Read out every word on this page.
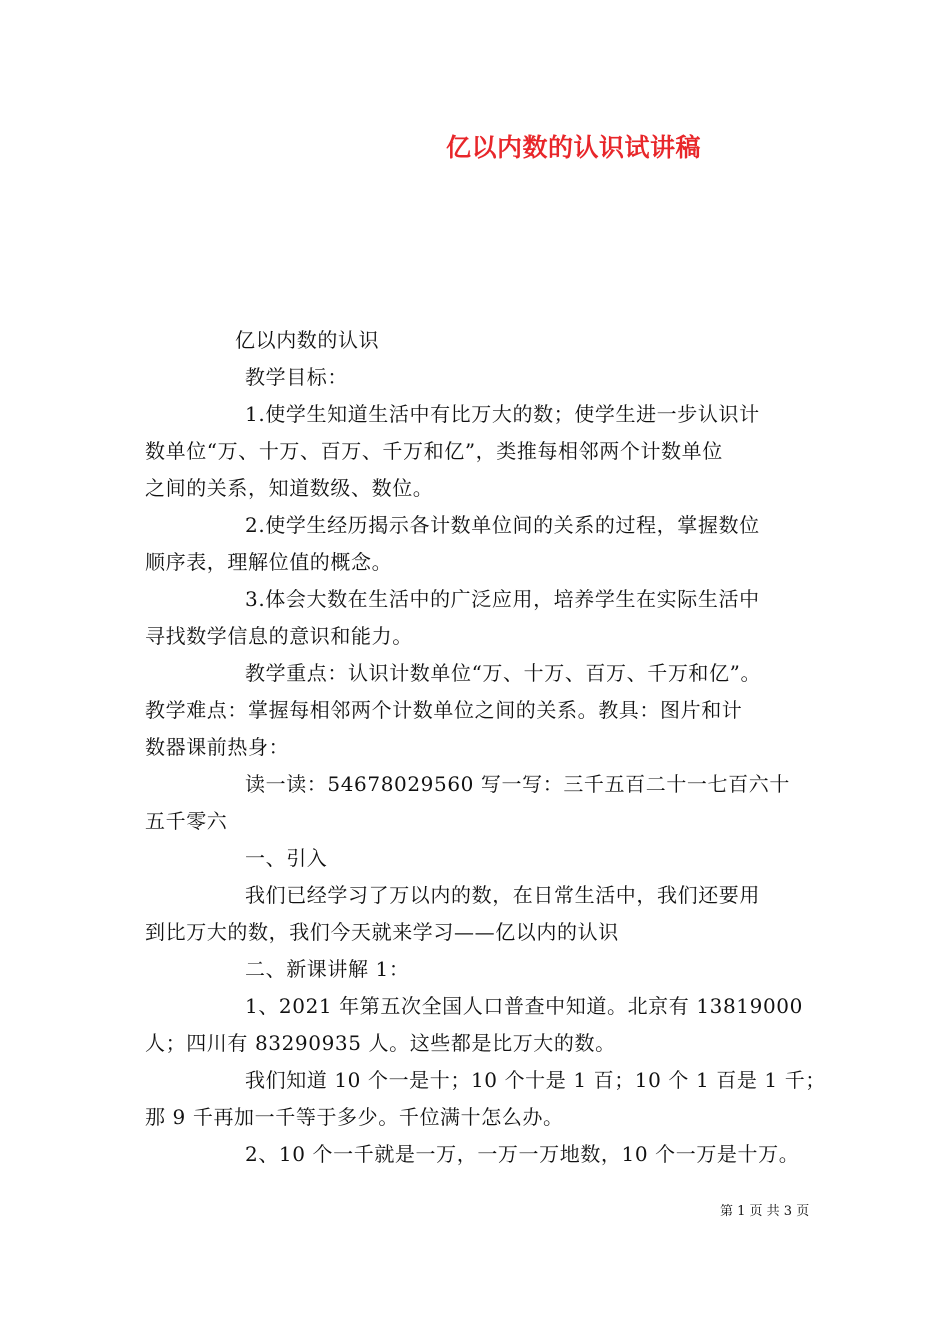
亿以内数的认识试讲稿
亿以内数的认识
教学目标：
1.使学生知道生活中有比万大的数；使学生进一步认识计
数单位“万、十万、百万、千万和亿”，类推每相邻两个计数单位
之间的关系，知道数级、数位。
2.使学生经历揭示各计数单位间的关系的过程，掌握数位
顺序表，理解位值的概念。
3.体会大数在生活中的广泛应用，培养学生在实际生活中
寻找数学信息的意识和能力。
教学重点：认识计数单位“万、十万、百万、千万和亿”。
教学难点：掌握每相邻两个计数单位之间的关系。教具：图片和计
数器课前热身：
读一读：54678029560 写一写：三千五百二十一七百六十
五千零六
一、引入
我们已经学习了万以内的数，在日常生活中，我们还要用
到比万大的数，我们今天就来学习——亿以内的认识
二、新课讲解 1：
1、2021 年第五次全国人口普查中知道。北京有 13819000
人；四川有 83290935 人。这些都是比万大的数。
我们知道 10 个一是十；10 个十是 1 百；10 个 1 百是 1 千；
那 9 千再加一千等于多少。千位满十怎么办。
2、10 个一千就是一万，一万一万地数，10 个一万是十万。
第 1 页 共 3 页
